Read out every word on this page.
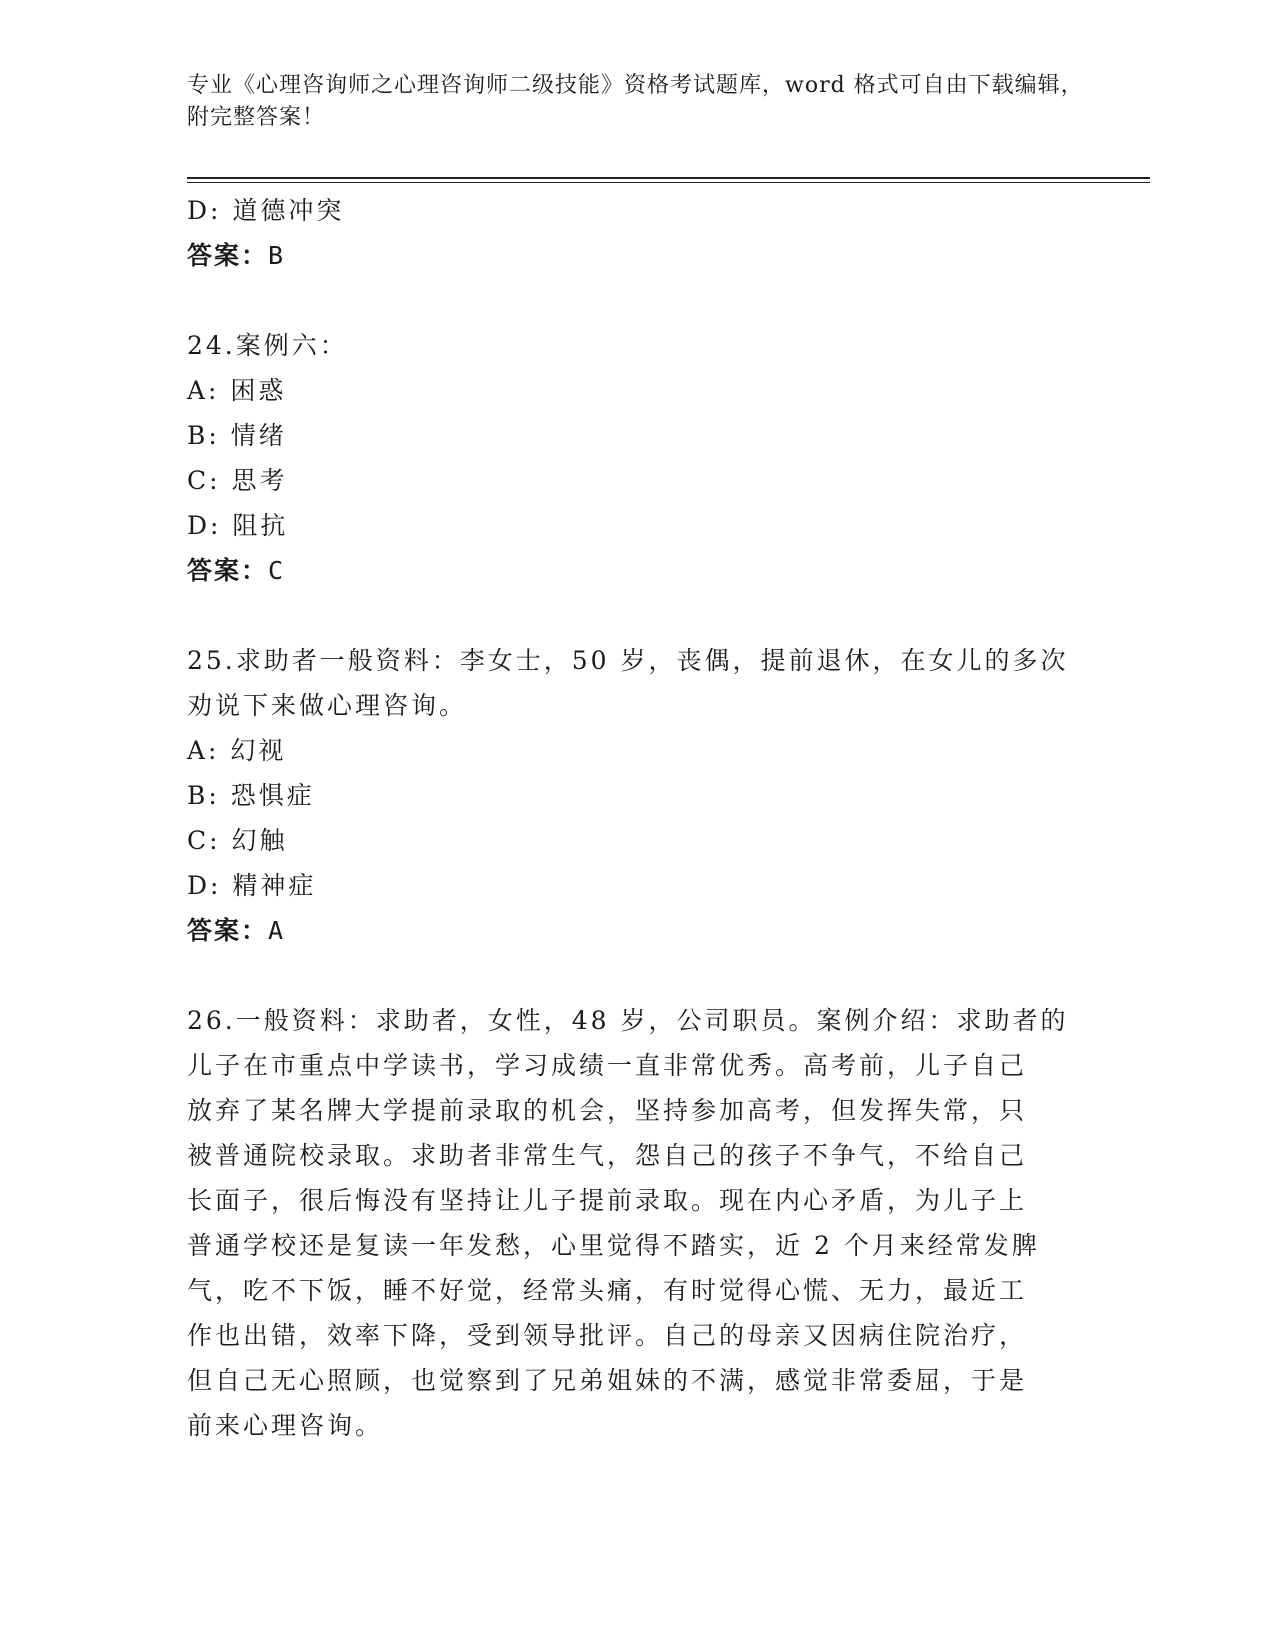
专业《心理咨询师之心理咨询师二级技能》资格考试题库，word 格式可自由下载编辑，附完整答案！
D: 道德冲突
答案：B
24.案例六：
A: 困惑
B: 情绪
C: 思考
D: 阻抗
答案：C
25.求助者一般资料：李女士，50 岁，丧偶，提前退休，在女儿的多次
劝说下来做心理咨询。
A: 幻视
B: 恐惧症
C: 幻触
D: 精神症
答案：A
26.一般资料：求助者，女性，48 岁，公司职员。案例介绍：求助者的
儿子在市重点中学读书，学习成绩一直非常优秀。高考前，儿子自己
放弃了某名牌大学提前录取的机会，坚持参加高考，但发挥失常，只
被普通院校录取。求助者非常生气，怨自己的孩子不争气，不给自己
长面子，很后悔没有坚持让儿子提前录取。现在内心矛盾，为儿子上
普通学校还是复读一年发愁，心里觉得不踏实，近 2 个月来经常发脾
气，吃不下饭，睡不好觉，经常头痛，有时觉得心慌、无力，最近工
作也出错，效率下降，受到领导批评。自己的母亲又因病住院治疗，
但自己无心照顾，也觉察到了兄弟姐妹的不满，感觉非常委屈，于是
前来心理咨询。
